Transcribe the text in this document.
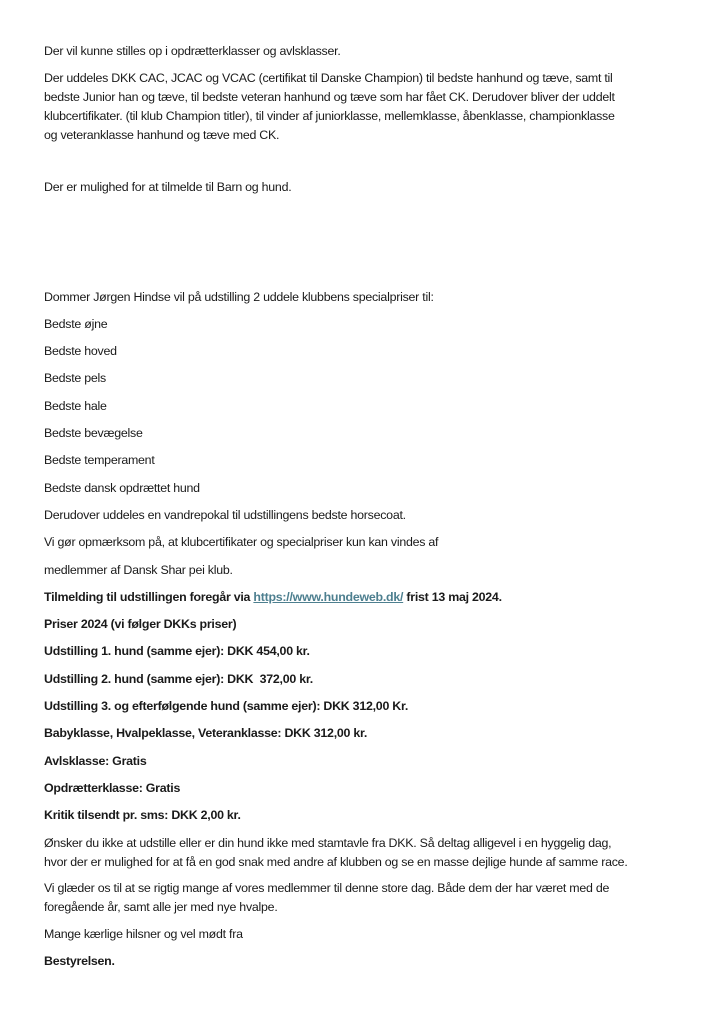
Der vil kunne stilles op i opdrætterklasser og avlsklasser.

Der uddeles DKK CAC, JCAC og VCAC (certifikat til Danske Champion) til bedste hanhund og tæve, samt til

bedste Junior han og tæve, til bedste veteran hanhund og tæve som har fået CK. Derudover bliver der uddelt

klubcertifikater. (til klub Champion titler), til vinder af juniorklasse, mellemklasse, åbenklasse, championklasse

og veteranklasse hanhund og tæve med CK.

Der er mulighed for at tilmelde til Barn og hund.

Dommer Jørgen Hindse vil på udstilling 2 uddele klubbens specialpriser til:

Bedste øjne

Bedste hoved

Bedste pels

Bedste hale

Bedste bevægelse

Bedste temperament

Bedste dansk opdrættet hund

Derudover uddeles en vandrepokal til udstillingens bedste horsecoat.

Vi gør opmærksom på, at klubcertifikater og specialpriser kun kan vindes af

medlemmer af Dansk Shar pei klub.

Tilmelding til udstillingen foregår via https://www.hundeweb.dk/ frist 13 maj 2024.

Priser 2024 (vi følger DKKs priser)

Udstilling 1. hund (samme ejer): DKK 454,00 kr.

Udstilling 2. hund (samme ejer): DKK  372,00 kr.

Udstilling 3. og efterfølgende hund (samme ejer): DKK 312,00 Kr.

Babyklasse, Hvalpeklasse, Veteranklasse: DKK 312,00 kr.

Avlsklasse: Gratis

Opdrætterklasse: Gratis

Kritik tilsendt pr. sms: DKK 2,00 kr.

Ønsker du ikke at udstille eller er din hund ikke med stamtavle fra DKK. Så deltag alligevel i en hyggelig dag,

hvor der er mulighed for at få en god snak med andre af klubben og se en masse dejlige hunde af samme race.

Vi glæder os til at se rigtig mange af vores medlemmer til denne store dag. Både dem der har været med de

foregående år, samt alle jer med nye hvalpe.

Mange kærlige hilsner og vel mødt fra

Bestyrelsen.
